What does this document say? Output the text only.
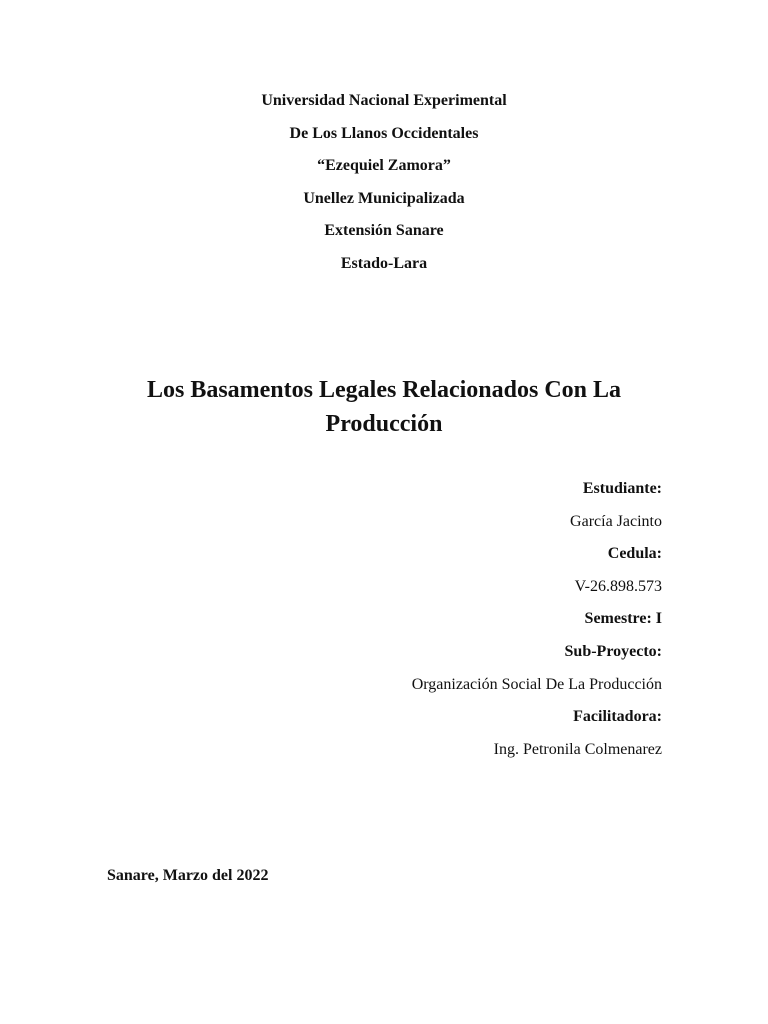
Universidad Nacional Experimental

De Los Llanos Occidentales

“Ezequiel Zamora”

Unellez Municipalizada

Extensión Sanare

Estado-Lara

Los Basamentos Legales Relacionados Con La

Producción

Estudiante:

García Jacinto

Cedula:

V-26.898.573

Semestre: I

Sub-Proyecto:

Organización Social De La Producción

Facilitadora:

Ing. Petronila Colmenarez

Sanare, Marzo del 2022
